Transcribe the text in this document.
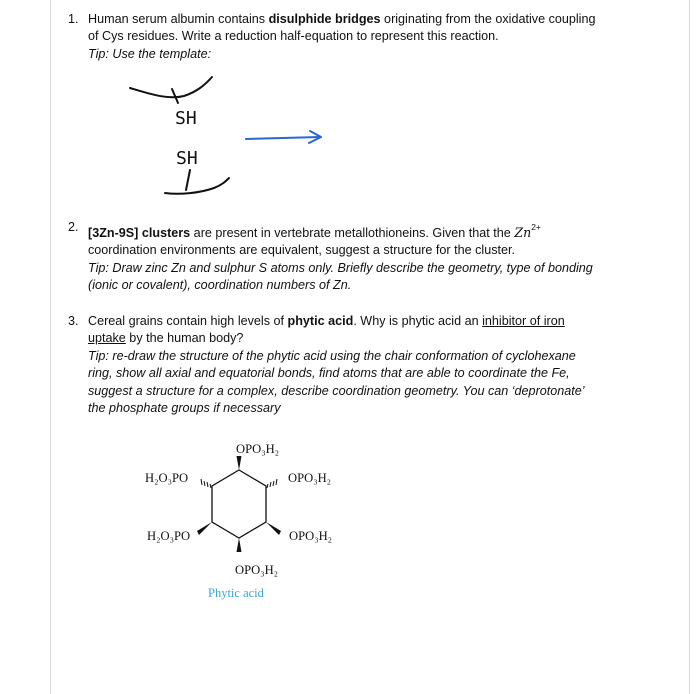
1. Human serum albumin contains disulphide bridges originating from the oxidative coupling
of Cys residues. Write a reduction half-equation to represent this reaction.
Tip: Use the template:
SH
SH
2. [3Zn-9S] clusters are present in vertebrate metallothioneins. Given that the $Zn^{2+}$
coordination environments are equivalent, suggest a structure for the cluster.
Tip: Draw zinc Zn and sulphur S atoms only. Briefly describe the geometry, type of bonding
(ionic or covalent), coordination numbers of Zn.
3. Cereal grains contain high levels of phytic acid. Why is phytic acid an inhibitor of iron
uptake by the human body?
Tip: re-draw the structure of the phytic acid using the chair conformation of cyclohexane
ring, show all axial and equatorial bonds, find atoms that are able to coordinate the Fe,
suggest a structure for a complex, describe coordination geometry. You can ‘deprotonate’
the phosphate groups if necessary
OPO₃H₂
H₂O₃PO	OPO₃H₂
H₂O₃PO	OPO₃H₂
OPO₃H₂
Phytic acid
